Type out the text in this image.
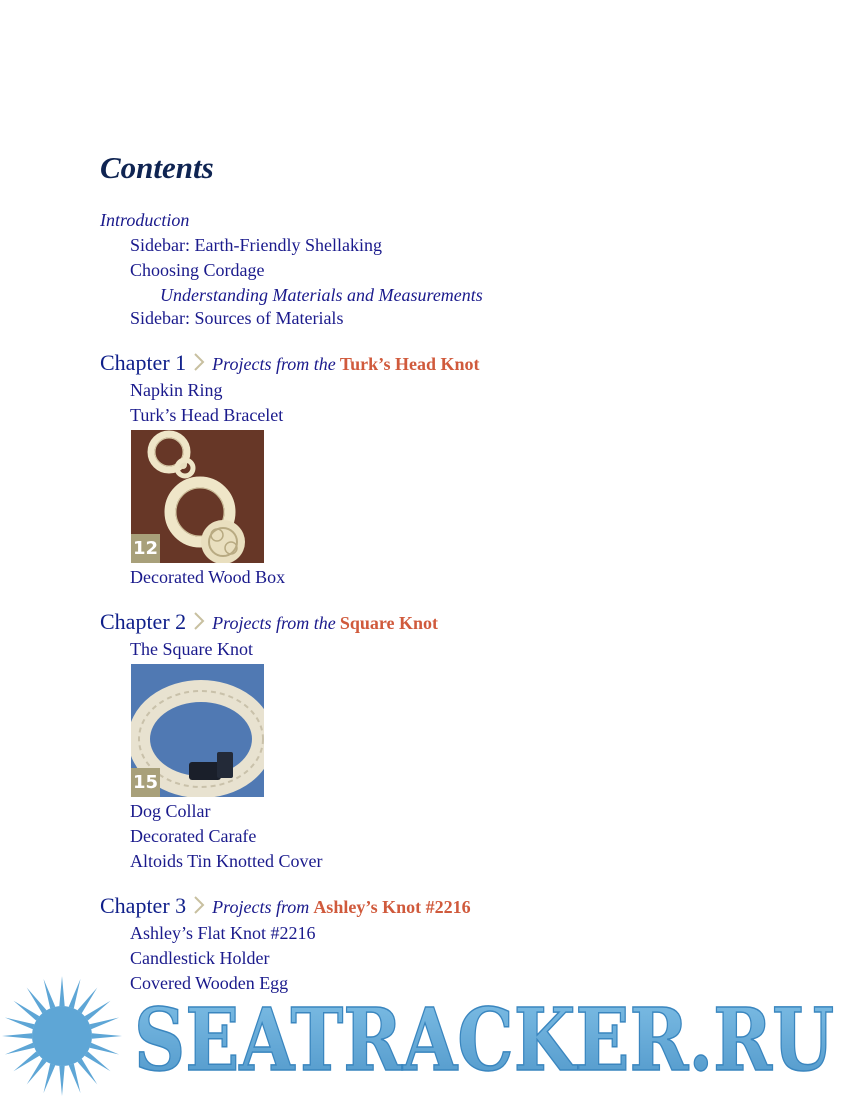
Contents
Introduction
Sidebar: Earth-Friendly Shellaking
Choosing Cordage
Understanding Materials and Measurements
Sidebar: Sources of Materials
Chapter 1 Projects from the Turk’s Head Knot
Napkin Ring
Turk’s Head Bracelet
12
Decorated Wood Box
Chapter 2 Projects from the Square Knot
The Square Knot
15
Dog Collar
Decorated Carafe
Altoids Tin Knotted Cover
Chapter 3 Projects from Ashley’s Knot #2216
Ashley’s Flat Knot #2216
Candlestick Holder
Covered Wooden Egg
SEATRACKER.RU
